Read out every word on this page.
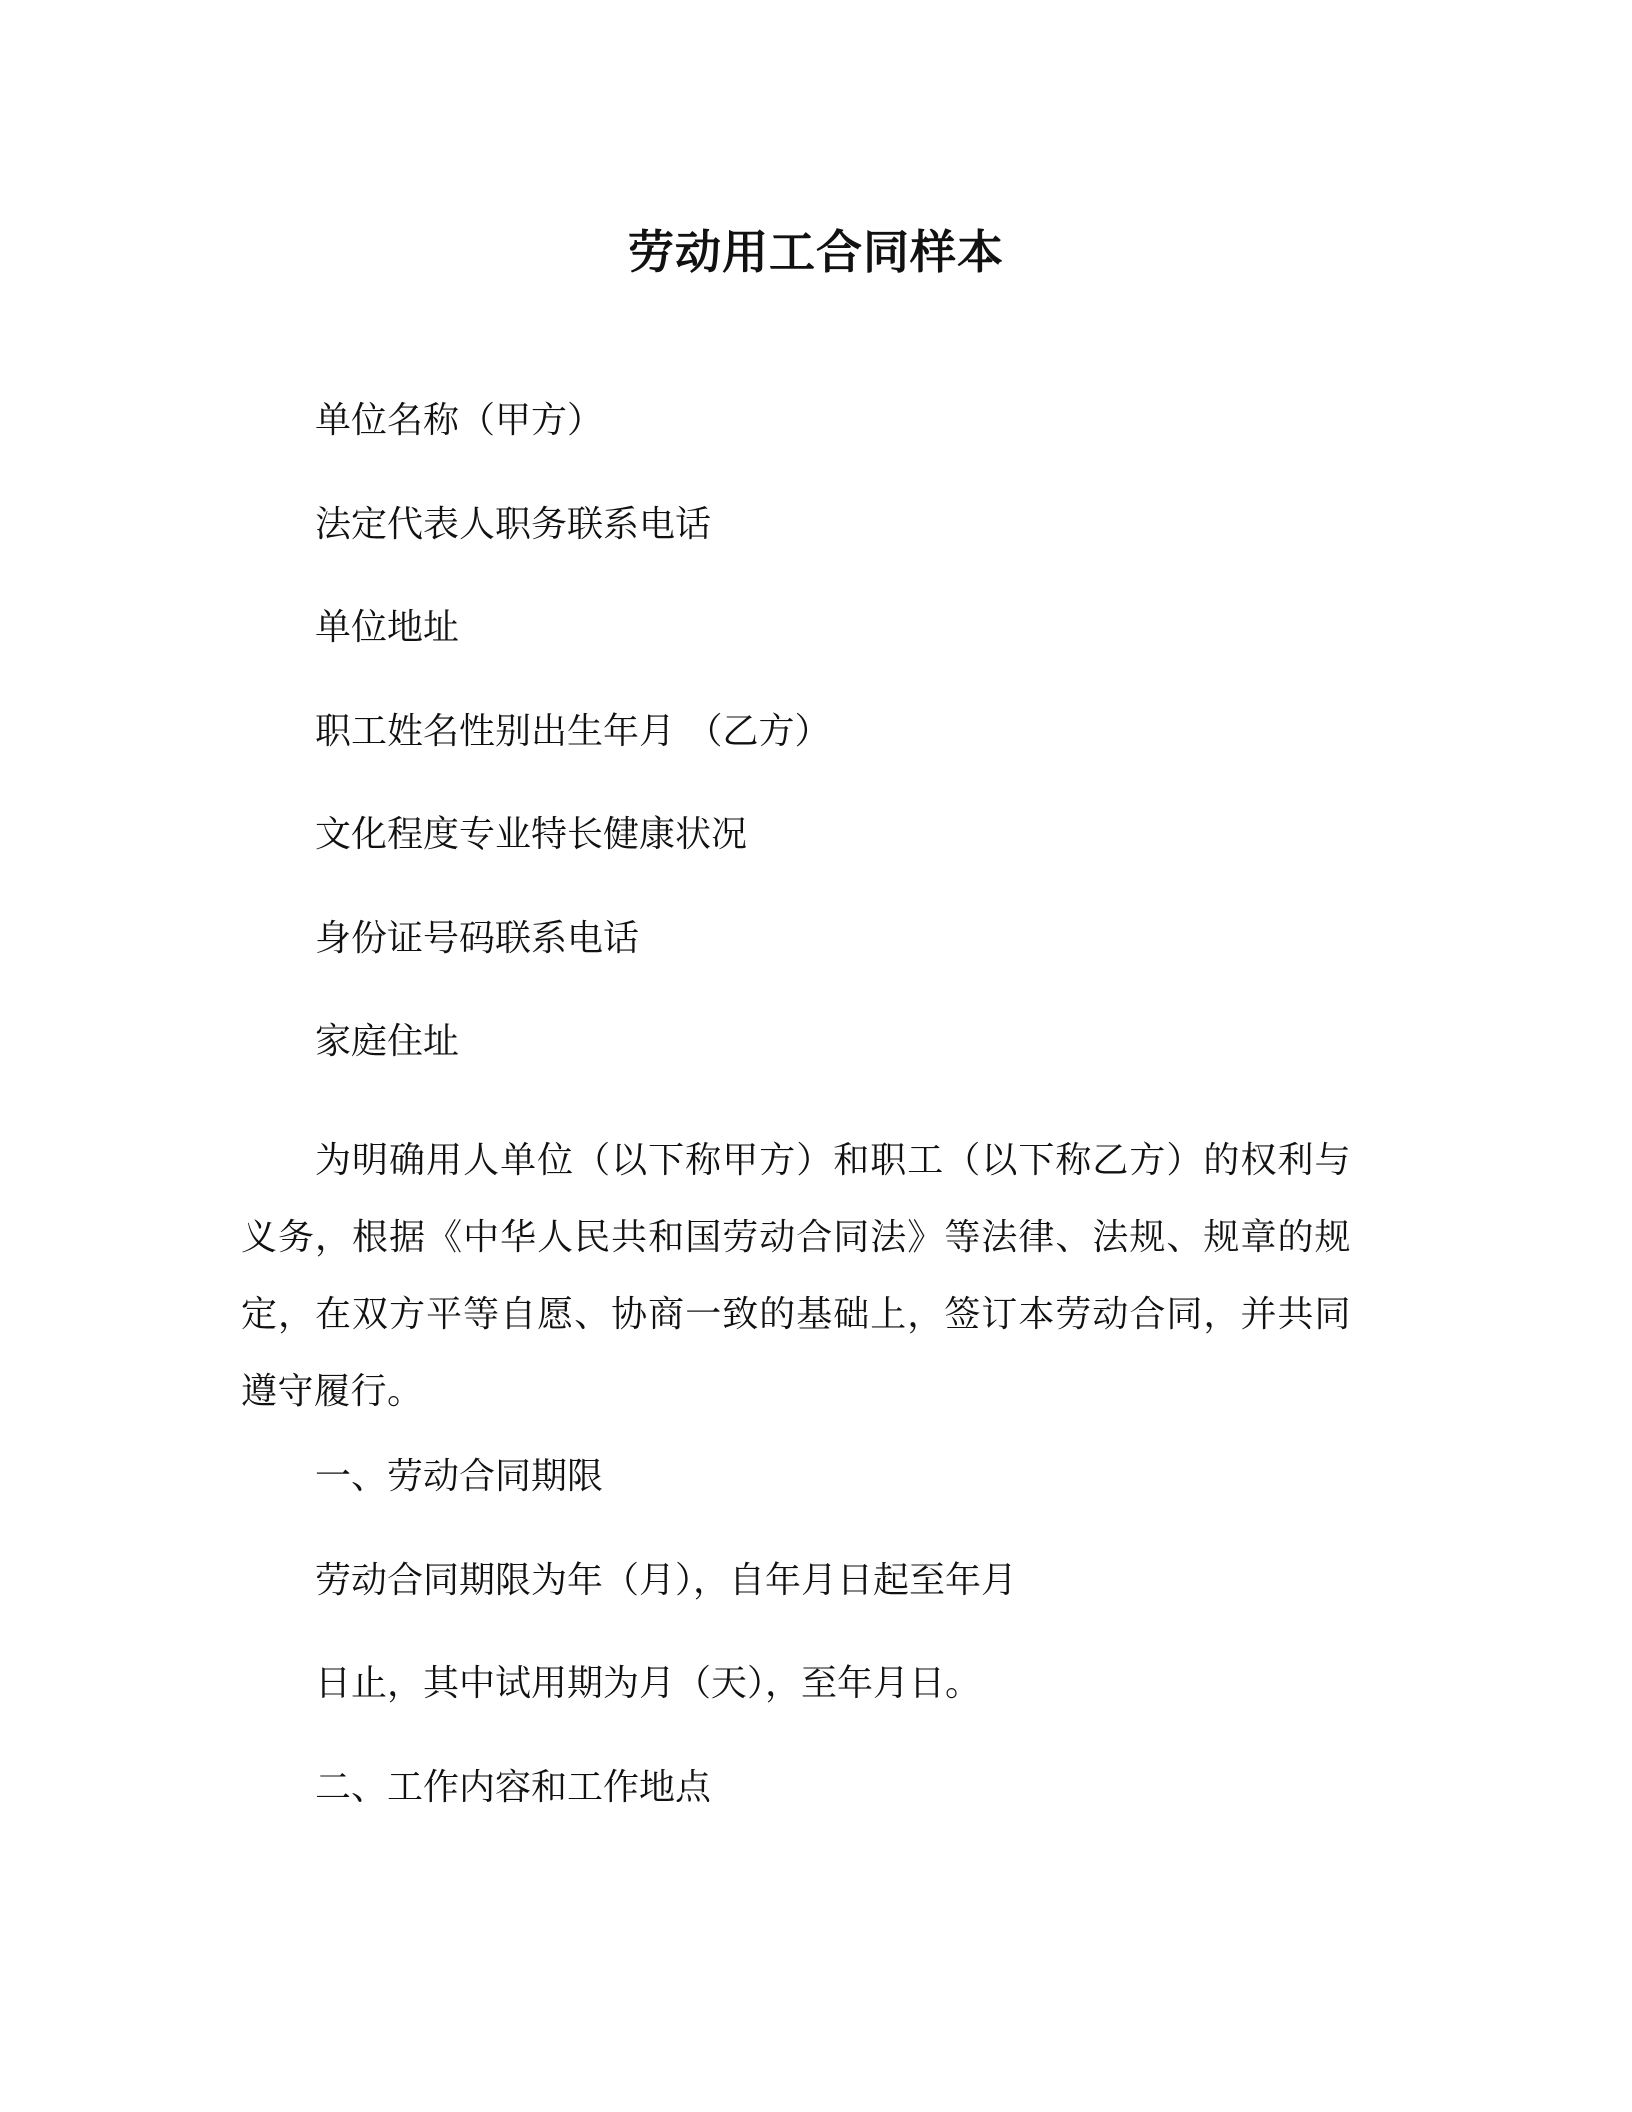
劳动用工合同样本
单位名称（甲方）
法定代表人职务联系电话
单位地址
职工姓名性别出生年月 （乙方）
文化程度专业特长健康状况
身份证号码联系电话
家庭住址
为明确用人单位（以下称甲方）和职工（以下称乙方）的权利与义务，根据《中华人民共和国劳动合同法》等法律、法规、规章的规定，在双方平等自愿、协商一致的基础上，签订本劳动合同，并共同遵守履行。
一、劳动合同期限
劳动合同期限为年（月），自年月日起至年月
日止，其中试用期为月（天），至年月日。
二、工作内容和工作地点
